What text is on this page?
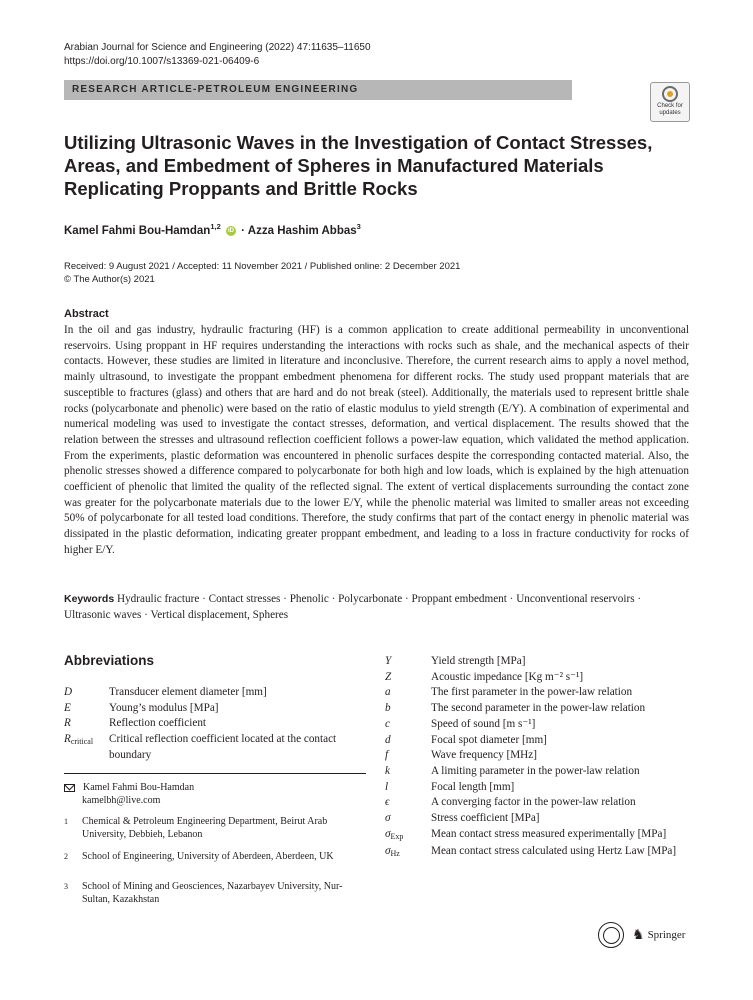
Arabian Journal for Science and Engineering (2022) 47:11635–11650
https://doi.org/10.1007/s13369-021-06409-6
RESEARCH ARTICLE-PETROLEUM ENGINEERING
Check for
updates
Utilizing Ultrasonic Waves in the Investigation of Contact Stresses, Areas, and Embedment of Spheres in Manufactured Materials Replicating Proppants and Brittle Rocks
Kamel Fahmi Bou-Hamdan$^{1,2}$ iD · Azza Hashim Abbas$^3$
Received: 9 August 2021 / Accepted: 11 November 2021 / Published online: 2 December 2021
© The Author(s) 2021
Abstract

In the oil and gas industry, hydraulic fracturing (HF) is a common application to create additional permeability in unconventional reservoirs. Using proppant in HF requires understanding the interactions with rocks such as shale, and the mechanical aspects of their contacts. However, these studies are limited in literature and inconclusive. Therefore, the current research aims to apply a novel method, mainly ultrasound, to investigate the proppant embedment phenomena for different rocks. The study used proppant materials that are susceptible to fractures (glass) and others that are hard and do not break (steel). Additionally, the materials used to represent brittle shale rocks (polycarbonate and phenolic) were based on the ratio of elastic modulus to yield strength (E/Y). A combination of experimental and numerical modeling was used to investigate the contact stresses, deformation, and vertical displacement. The results showed that the relation between the stresses and ultrasound reflection coefficient follows a power-law equation, which validated the method application. From the experiments, plastic deformation was encountered in phenolic surfaces despite the corresponding contacted material. Also, the phenolic stresses showed a difference compared to polycarbonate for both high and low loads, which is explained by the high attenuation coefficient of phenolic that limited the quality of the reflected signal. The extent of vertical displacements surrounding the contact zone was greater for the polycarbonate materials due to the lower E/Y, while the phenolic material was limited to smaller areas not exceeding 50% of polycarbonate for all tested load conditions. Therefore, the study confirms that part of the contact energy in phenolic material was dissipated in the plastic deformation, indicating greater proppant embedment, and leading to a loss in fracture conductivity for rocks of higher E/Y.

Keywords Hydraulic fracture · Contact stresses · Phenolic · Polycarbonate · Proppant embedment · Unconventional reservoirs · Ultrasonic waves · Vertical displacement, Spheres
Abbreviations
D	Transducer element diameter [mm]
E	Young’s modulus [MPa]
R	Reflection coefficient
$R_{critical}$	Critical reflection coefficient located at the contact boundary
Y	Yield strength [MPa]
Z	Acoustic impedance [Kg m⁻² s⁻¹]
a	The first parameter in the power-law relation
b	The second parameter in the power-law relation
c	Speed of sound [m s⁻¹]
d	Focal spot diameter [mm]
f	Wave frequency [MHz]
k	A limiting parameter in the power-law relation
l	Focal length [mm]
ϵ	A converging factor in the power-law relation
σ	Stress coefficient [MPa]
$\sigma_{Exp}$	Mean contact stress measured experimentally [MPa]
$\sigma_{Hz}$	Mean contact stress calculated using Hertz Law [MPa]
Kamel Fahmi Bou-Hamdan
kamelbh@live.com
1	Chemical & Petroleum Engineering Department, Beirut Arab University, Debbieh, Lebanon
2	School of Engineering, University of Aberdeen, Aberdeen, UK
3	School of Mining and Geosciences, Nazarbayev University, Nur-Sultan, Kazakhstan
♞ Springer
